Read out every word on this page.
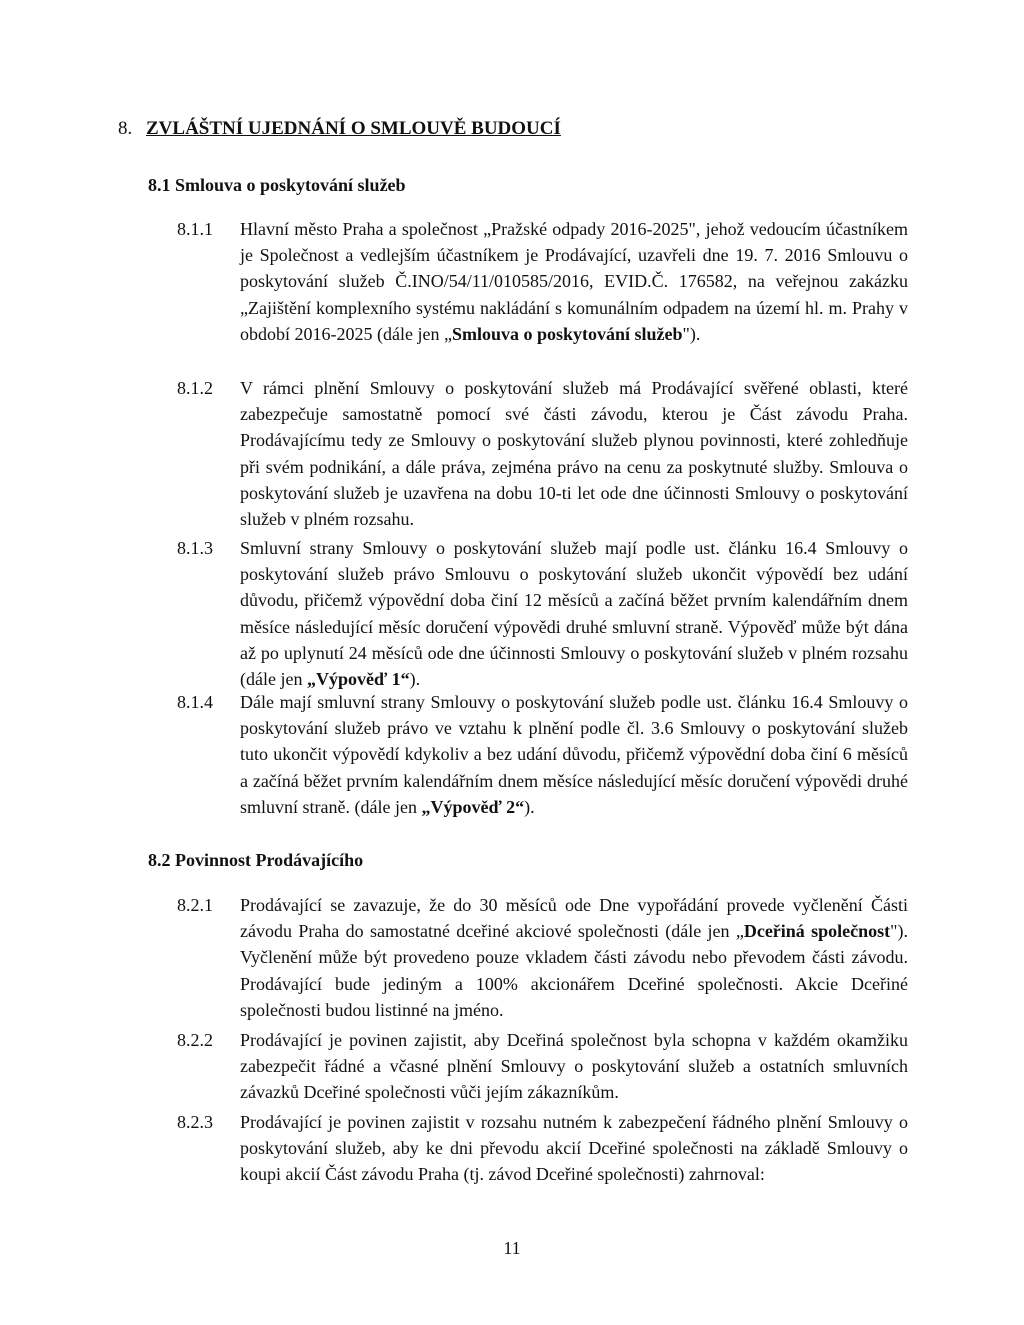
8. ZVLÁŠTNÍ UJEDNÁNÍ O SMLOUVĚ BUDOUCÍ
8.1 Smlouva o poskytování služeb
8.1.1 Hlavní město Praha a společnost „Pražské odpady 2016-2025", jehož vedoucím účastníkem je Společnost a vedlejším účastníkem je Prodávající, uzavřeli dne 19. 7. 2016 Smlouvu o poskytování služeb Č.INO/54/11/010585/2016, EVID.Č. 176582, na veřejnou zakázku „Zajištění komplexního systému nakládání s komunálním odpadem na území hl. m. Prahy v období 2016-2025 (dále jen „Smlouva o poskytování služeb").
8.1.2 V rámci plnění Smlouvy o poskytování služeb má Prodávající svěřené oblasti, které zabezpečuje samostatně pomocí své části závodu, kterou je Část závodu Praha. Prodávajícímu tedy ze Smlouvy o poskytování služeb plynou povinnosti, které zohledňuje při svém podnikání, a dále práva, zejména právo na cenu za poskytnuté služby. Smlouva o poskytování služeb je uzavřena na dobu 10-ti let ode dne účinnosti Smlouvy o poskytování služeb v plném rozsahu.
8.1.3 Smluvní strany Smlouvy o poskytování služeb mají podle ust. článku 16.4 Smlouvy o poskytování služeb právo Smlouvu o poskytování služeb ukončit výpovědí bez udání důvodu, přičemž výpovědní doba činí 12 měsíců a začíná běžet prvním kalendářním dnem měsíce následující měsíc doručení výpovědi druhé smluvní straně. Výpověď může být dána až po uplynutí 24 měsíců ode dne účinnosti Smlouvy o poskytování služeb v plném rozsahu (dále jen „Výpověď 1“).
8.1.4 Dále mají smluvní strany Smlouvy o poskytování služeb podle ust. článku 16.4 Smlouvy o poskytování služeb právo ve vztahu k plnění podle čl. 3.6 Smlouvy o poskytování služeb tuto ukončit výpovědí kdykoliv a bez udání důvodu, přičemž výpovědní doba činí 6 měsíců a začíná běžet prvním kalendářním dnem měsíce následující měsíc doručení výpovědi druhé smluvní straně. (dále jen „Výpověď 2“).
8.2 Povinnost Prodávajícího
8.2.1 Prodávající se zavazuje, že do 30 měsíců ode Dne vypořádání provede vyčlenění Části závodu Praha do samostatné dceřiné akciové společnosti (dále jen „Dceřiná společnost"). Vyčlenění může být provedeno pouze vkladem části závodu nebo převodem části závodu. Prodávající bude jediným a 100% akcionářem Dceřiné společnosti. Akcie Dceřiné společnosti budou listinné na jméno.
8.2.2 Prodávající je povinen zajistit, aby Dceřiná společnost byla schopna v každém okamžiku zabezpečit řádné a včasné plnění Smlouvy o poskytování služeb a ostatních smluvních závazků Dceřiné společnosti vůči jejím zákazníkům.
8.2.3 Prodávající je povinen zajistit v rozsahu nutném k zabezpečení řádného plnění Smlouvy o poskytování služeb, aby ke dni převodu akcií Dceřiné společnosti na základě Smlouvy o koupi akcií Část závodu Praha (tj. závod Dceřiné společnosti) zahrnoval:
11
